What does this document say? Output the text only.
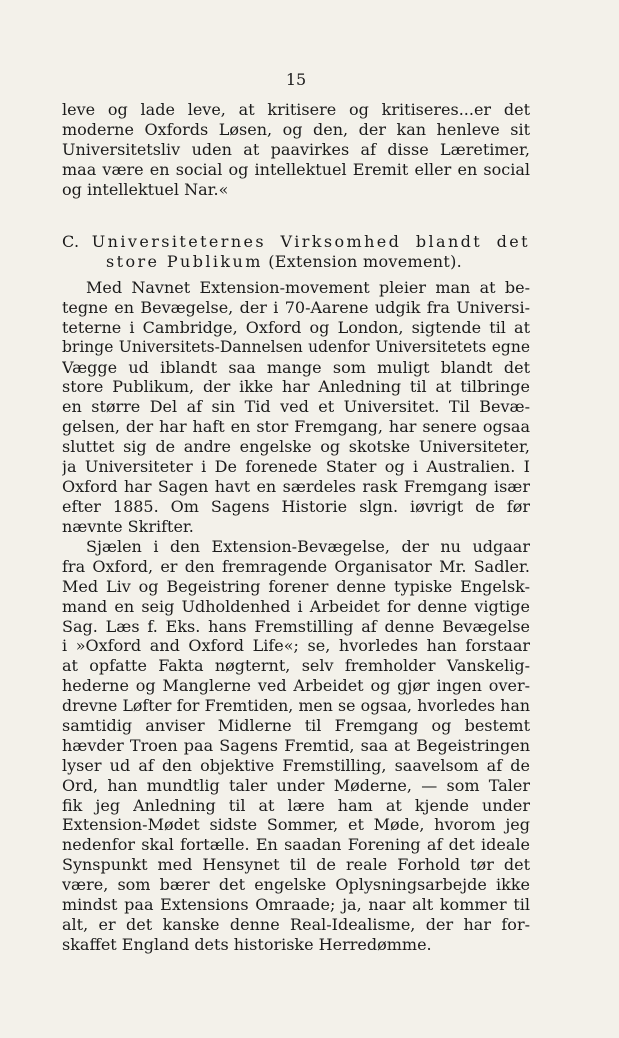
15
leve og lade leve, at kritisere og kritiseres...er det
moderne Oxfords Løsen, og den, der kan henleve sit
Universitetsliv uden at paavirkes af disse Læretimer,
maa være en social og intellektuel Eremit eller en social
og intellektuel Nar.«
C. Universiteternes Virksomhed blandt det
store Publikum (Extension movement).
Med Navnet Extension-movement pleier man at be-
tegne en Bevægelse, der i 70-Aarene udgik fra Universi-
teterne i Cambridge, Oxford og London, sigtende til at
bringe Universitets-Dannelsen udenfor Universitetets egne
Vægge ud iblandt saa mange som muligt blandt det
store Publikum, der ikke har Anledning til at tilbringe
en større Del af sin Tid ved et Universitet. Til Bevæ-
gelsen, der har haft en stor Fremgang, har senere ogsaa
sluttet sig de andre engelske og skotske Universiteter,
ja Universiteter i De forenede Stater og i Australien. I
Oxford har Sagen havt en særdeles rask Fremgang især
efter 1885. Om Sagens Historie slgn. iøvrigt de før
nævnte Skrifter.
Sjælen i den Extension-Bevægelse, der nu udgaar
fra Oxford, er den fremragende Organisator Mr. Sadler.
Med Liv og Begeistring forener denne typiske Engelsk-
mand en seig Udholdenhed i Arbeidet for denne vigtige
Sag. Læs f. Eks. hans Fremstilling af denne Bevægelse
i »Oxford and Oxford Life«; se, hvorledes han forstaar
at opfatte Fakta nøgternt, selv fremholder Vanskelig-
hederne og Manglerne ved Arbeidet og gjør ingen over-
drevne Løfter for Fremtiden, men se ogsaa, hvorledes han
samtidig anviser Midlerne til Fremgang og bestemt
hævder Troen paa Sagens Fremtid, saa at Begeistringen
lyser ud af den objektive Fremstilling, saavelsom af de
Ord, han mundtlig taler under Møderne, — som Taler
fik jeg Anledning til at lære ham at kjende under
Extension-Mødet sidste Sommer, et Møde, hvorom jeg
nedenfor skal fortælle. En saadan Forening af det ideale
Synspunkt med Hensynet til de reale Forhold tør det
være, som bærer det engelske Oplysningsarbejde ikke
mindst paa Extensions Omraade; ja, naar alt kommer til
alt, er det kanske denne Real-Idealisme, der har for-
skaffet England dets historiske Herredømme.
